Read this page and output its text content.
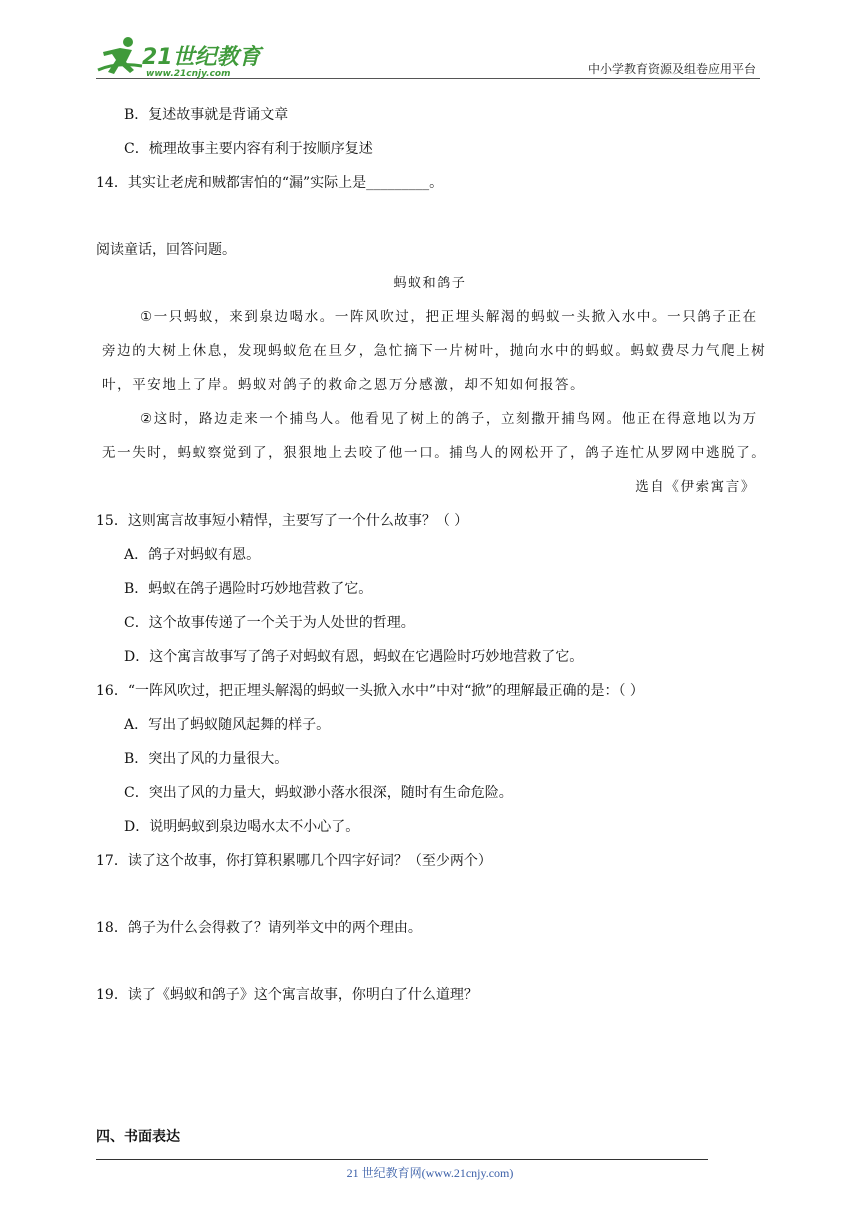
21世纪教育
www.21cnjy.com	中小学教育资源及组卷应用平台
B．复述故事就是背诵文章
C．梳理故事主要内容有利于按顺序复述
14．其实让老虎和贼都害怕的“漏”实际上是_________。
阅读童话，回答问题。
蚂蚁和鸽子
①一只蚂蚁，来到泉边喝水。一阵风吹过，把正埋头解渴的蚂蚁一头掀入水中。一只鸽子正在
旁边的大树上休息，发现蚂蚁危在旦夕，急忙摘下一片树叶，抛向水中的蚂蚁。蚂蚁费尽力气爬上树
叶，平安地上了岸。蚂蚁对鸽子的救命之恩万分感激，却不知如何报答。
②这时，路边走来一个捕鸟人。他看见了树上的鸽子，立刻撒开捕鸟网。他正在得意地以为万
无一失时，蚂蚁察觉到了，狠狠地上去咬了他一口。捕鸟人的网松开了，鸽子连忙从罗网中逃脱了。
选自《伊索寓言》
15．这则寓言故事短小精悍，主要写了一个什么故事？（ ）
A．鸽子对蚂蚁有恩。
B．蚂蚁在鸽子遇险时巧妙地营救了它。
C．这个故事传递了一个关于为人处世的哲理。
D．这个寓言故事写了鸽子对蚂蚁有恩，蚂蚁在它遇险时巧妙地营救了它。
16．“一阵风吹过，把正埋头解渴的蚂蚁一头掀入水中”中对“掀”的理解最正确的是：（ ）
A．写出了蚂蚁随风起舞的样子。
B．突出了风的力量很大。
C．突出了风的力量大，蚂蚁渺小落水很深，随时有生命危险。
D．说明蚂蚁到泉边喝水太不小心了。
17．读了这个故事，你打算积累哪几个四字好词？（至少两个）
18．鸽子为什么会得救了？请列举文中的两个理由。
19．读了《蚂蚁和鸽子》这个寓言故事，你明白了什么道理？
四、书面表达
21 世纪教育网(www.21cnjy.com)
